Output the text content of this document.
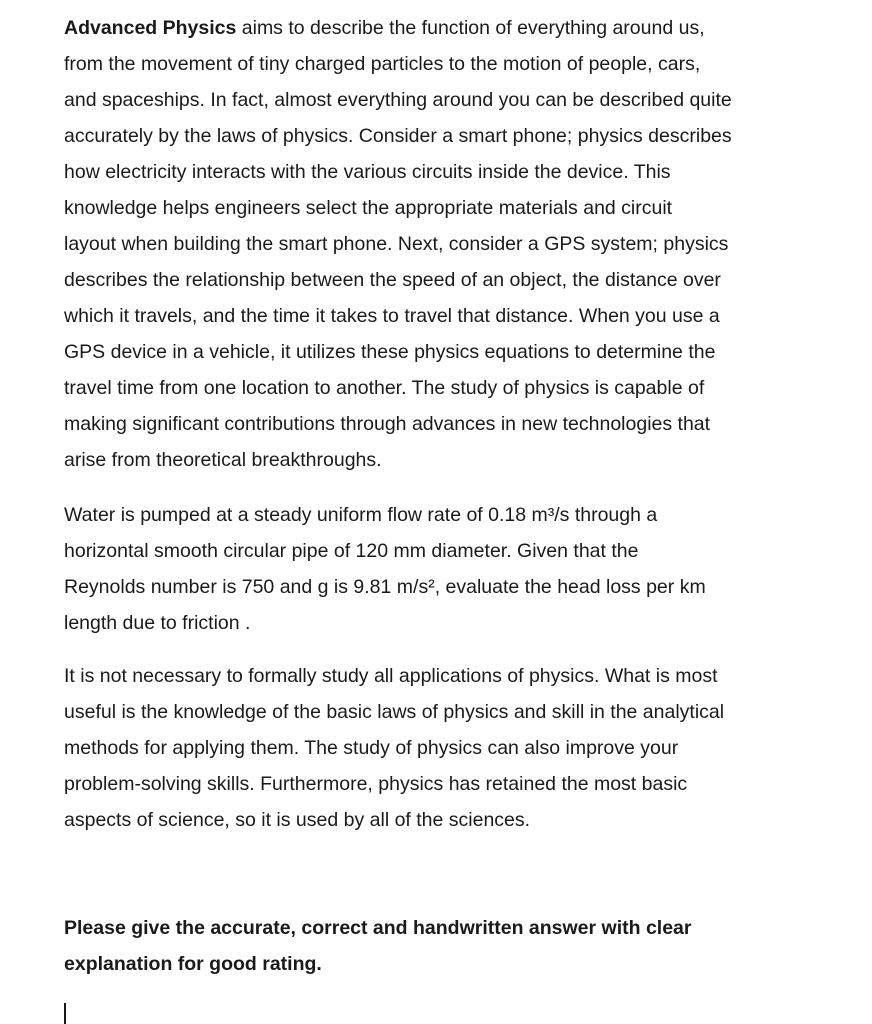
Advanced Physics aims to describe the function of everything around us,
from the movement of tiny charged particles to the motion of people, cars,
and spaceships. In fact, almost everything around you can be described quite
accurately by the laws of physics. Consider a smart phone; physics describes
how electricity interacts with the various circuits inside the device. This
knowledge helps engineers select the appropriate materials and circuit
layout when building the smart phone. Next, consider a GPS system; physics
describes the relationship between the speed of an object, the distance over
which it travels, and the time it takes to travel that distance. When you use a
GPS device in a vehicle, it utilizes these physics equations to determine the
travel time from one location to another. The study of physics is capable of
making significant contributions through advances in new technologies that
arise from theoretical breakthroughs.

Water is pumped at a steady uniform flow rate of 0.18 m³/s through a
horizontal smooth circular pipe of 120 mm diameter. Given that the
Reynolds number is 750 and g is 9.81 m/s², evaluate the head loss per km
length due to friction .

It is not necessary to formally study all applications of physics. What is most
useful is the knowledge of the basic laws of physics and skill in the analytical
methods for applying them. The study of physics can also improve your
problem-solving skills. Furthermore, physics has retained the most basic
aspects of science, so it is used by all of the sciences.

Please give the accurate, correct and handwritten answer with clear
explanation for good rating.
